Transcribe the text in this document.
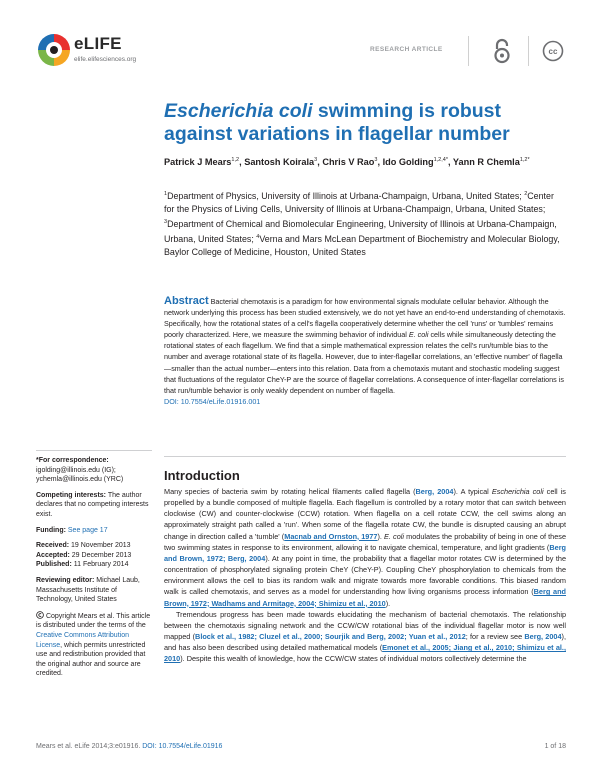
eLIFE
elife.elifesciences.org
RESEARCH ARTICLE	cc
Escherichia coli swimming is robust against variations in flagellar number
Patrick J Mears$^{1,2}$, Santosh Koirala$^3$, Chris V Rao$^3$, Ido Golding$^{1,2,4*}$, Yann R Chemla$^{1,2*}$
$^1$Department of Physics, University of Illinois at Urbana-Champaign, Urbana, United States; $^2$Center for the Physics of Living Cells, University of Illinois at Urbana-Champaign, Urbana, United States; $^3$Department of Chemical and Biomolecular Engineering, University of Illinois at Urbana-Champaign, Urbana, United States; $^4$Verna and Mars McLean Department of Biochemistry and Molecular Biology, Baylor College of Medicine, Houston, United States
Abstract Bacterial chemotaxis is a paradigm for how environmental signals modulate cellular behavior. Although the network underlying this process has been studied extensively, we do not yet have an end-to-end understanding of chemotaxis. Specifically, how the rotational states of a cell's flagella cooperatively determine whether the cell 'runs' or 'tumbles' remains poorly characterized. Here, we measure the swimming behavior of individual E. coli cells while simultaneously detecting the rotational states of each flagellum. We find that a simple mathematical expression relates the cell's run/tumble bias to the number and average rotational state of its flagella. However, due to inter-flagellar correlations, an 'effective number' of flagella—smaller than the actual number—enters into this relation. Data from a chemotaxis mutant and stochastic modeling suggest that fluctuations of the regulator CheY-P are the source of flagellar correlations. A consequence of inter-flagellar correlations is that run/tumble behavior is only weakly dependent on number of flagella.
DOI: 10.7554/eLife.01916.001
*For correspondence: igolding@illinois.edu (IG); ychemla@illinois.edu (YRC)
Competing interests: The author declares that no competing interests exist.
Funding: See page 17
Received: 19 November 2013
Accepted: 29 December 2013
Published: 11 February 2014
Reviewing editor: Michael Laub, Massachusetts Institute of Technology, United States
Copyright Mears et al. This article is distributed under the terms of the Creative Commons Attribution License, which permits unrestricted use and redistribution provided that the original author and source are credited.
Introduction

Many species of bacteria swim by rotating helical filaments called flagella (Berg, 2004). A typical Escherichia coli cell is propelled by a bundle composed of multiple flagella. Each flagellum is controlled by a rotary motor that can switch between clockwise (CW) and counter-clockwise (CCW) rotation. When flagella on a cell rotate CCW, the cell swims along an approximately straight path called a 'run'. When some of the flagella rotate CW, the bundle is disrupted causing an abrupt change in direction called a 'tumble' (Macnab and Ornston, 1977). E. coli modulates the probability of being in one of these two swimming states in response to its environment, allowing it to navigate chemical, temperature, and light gradients (Berg and Brown, 1972; Berg, 2004). At any point in time, the probability that a flagellar motor rotates CW is determined by the concentration of phosphorylated signaling protein CheY (CheY-P). Coupling CheY phosphorylation to chemicals from the environment allows the cell to bias its random walk and migrate towards more favorable conditions. This biased random walk is called chemotaxis, and serves as a model for understanding how living organisms process information (Berg and Brown, 1972; Wadhams and Armitage, 2004; Shimizu et al., 2010).

Tremendous progress has been made towards elucidating the mechanism of bacterial chemotaxis. The relationship between the chemotaxis signaling network and the CCW/CW rotational bias of the individual flagellar motor is now well mapped (Block et al., 1982; Cluzel et al., 2000; Sourjik and Berg, 2002; Yuan et al., 2012; for a review see Berg, 2004), and has also been described using detailed mathematical models (Emonet et al., 2005; Jiang et al., 2010; Shimizu et al., 2010). Despite this wealth of knowledge, how the CCW/CW states of individual motors collectively determine the

Mears et al. eLife 2014;3:e01916. DOI: 10.7554/eLife.01916	1 of 18
